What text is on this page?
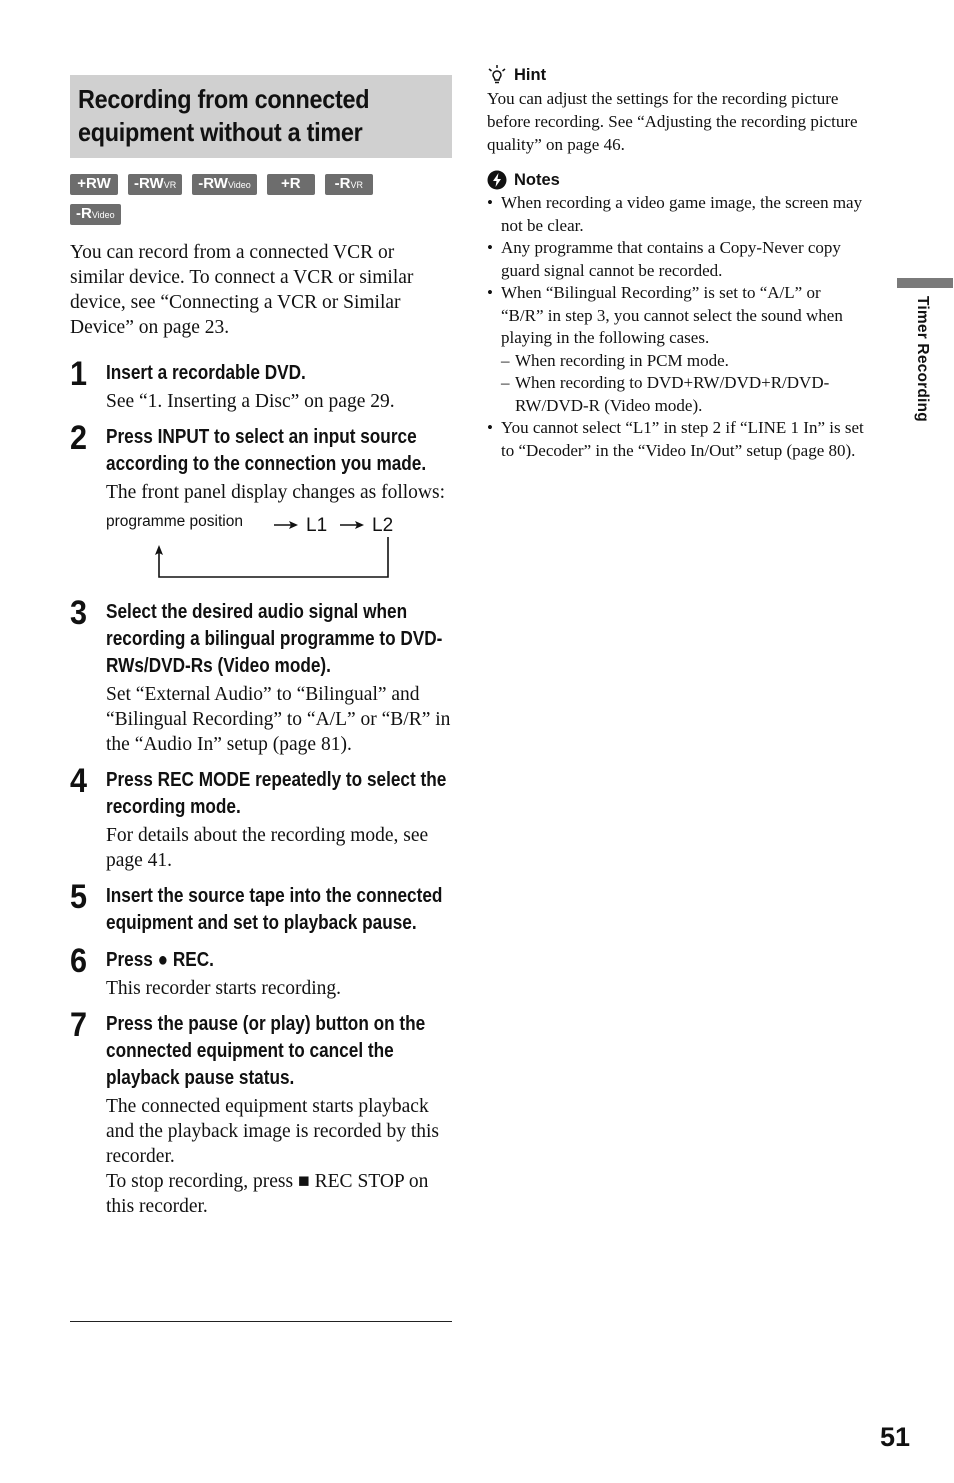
Recording from connected
equipment without a timer
+RW	-RWVR	-RWVideo	+R	-RVR
-RVideo

You can record from a connected VCR or similar device. To connect a VCR or similar device, see “Connecting a VCR or Similar Device” on page 23.

1 Insert a recordable DVD.
See “1. Inserting a Disc” on page 29.
2 Press INPUT to select an input source according to the connection you made.
The front panel display changes as follows:
programme position	L1 L2
3 Select the desired audio signal when recording a bilingual programme to DVD-RWs/DVD-Rs (Video mode).
Set “External Audio” to “Bilingual” and “Bilingual Recording” to “A/L” or “B/R” in the “Audio In” setup (page 81).
4 Press REC MODE repeatedly to select the recording mode.
For details about the recording mode, see page 41.
5 Insert the source tape into the connected equipment and set to playback pause.
6 Press ● REC.
This recorder starts recording.
7 Press the pause (or play) button on the connected equipment to cancel the playback pause status.
The connected equipment starts playback and the playback image is recorded by this recorder.
To stop recording, press ■ REC STOP on this recorder.
Hint
You can adjust the settings for the recording picture before recording. See “Adjusting the recording picture quality” on page 46.
Notes
• When recording a video game image, the screen may not be clear.
• Any programme that contains a Copy-Never copy guard signal cannot be recorded.
• When “Bilingual Recording” is set to “A/L” or “B/R” in step 3, you cannot select the sound when playing in the following cases.
– When recording in PCM mode.
– When recording to DVD+RW/DVD+R/DVD-RW/DVD-R (Video mode).
• You cannot select “L1” in step 2 if “LINE 1 In” is set to “Decoder” in the “Video In/Out” setup (page 80).
Timer Recording
51
